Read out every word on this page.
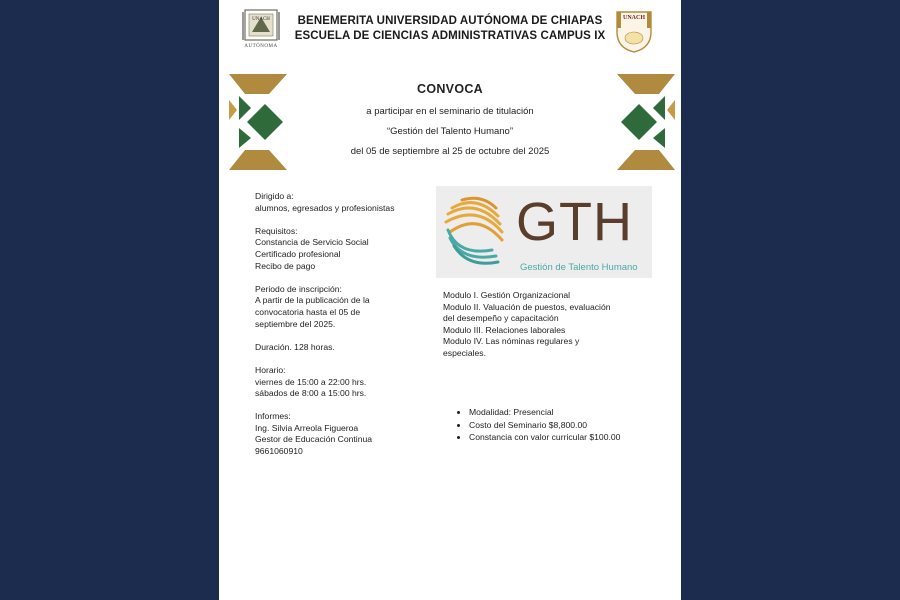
UNACH
AUTÓNOMA
BENEMERITA UNIVERSIDAD AUTÓNOMA DE CHIAPAS
ESCUELA DE CIENCIAS ADMINISTRATIVAS CAMPUS IX
UNACH
CONVOCA
a participar en el seminario de titulación
“Gestión del Talento Humano”
del 05 de septiembre al 25 de octubre del 2025
Dirigido a:
alumnos, egresados y profesionistas
Requisitos:
Constancia de Servicio Social
Certificado profesional
Recibo de pago
Periodo de inscripción:
A partir de la publicación de la
convocatoria hasta el 05 de
septiembre del 2025.
Duración. 128 horas.
Horario:
viernes de 15:00 a 22:00 hrs.
sábados de 8:00 a 15:00 hrs.
Informes:
Ing. Silvia Arreola Figueroa
Gestor de Educación Continua
9661060910
GTH
Gestión de Talento Humano
Modulo I. Gestión Organizacional
Modulo II. Valuación de puestos, evaluación
del desempeño y capacitación
Modulo III. Relaciones laborales
Modulo IV. Las nóminas regulares y
especiales.
• Modalidad: Presencial
• Costo del Seminario $8,800.00
• Constancia con valor curricular $100.00
